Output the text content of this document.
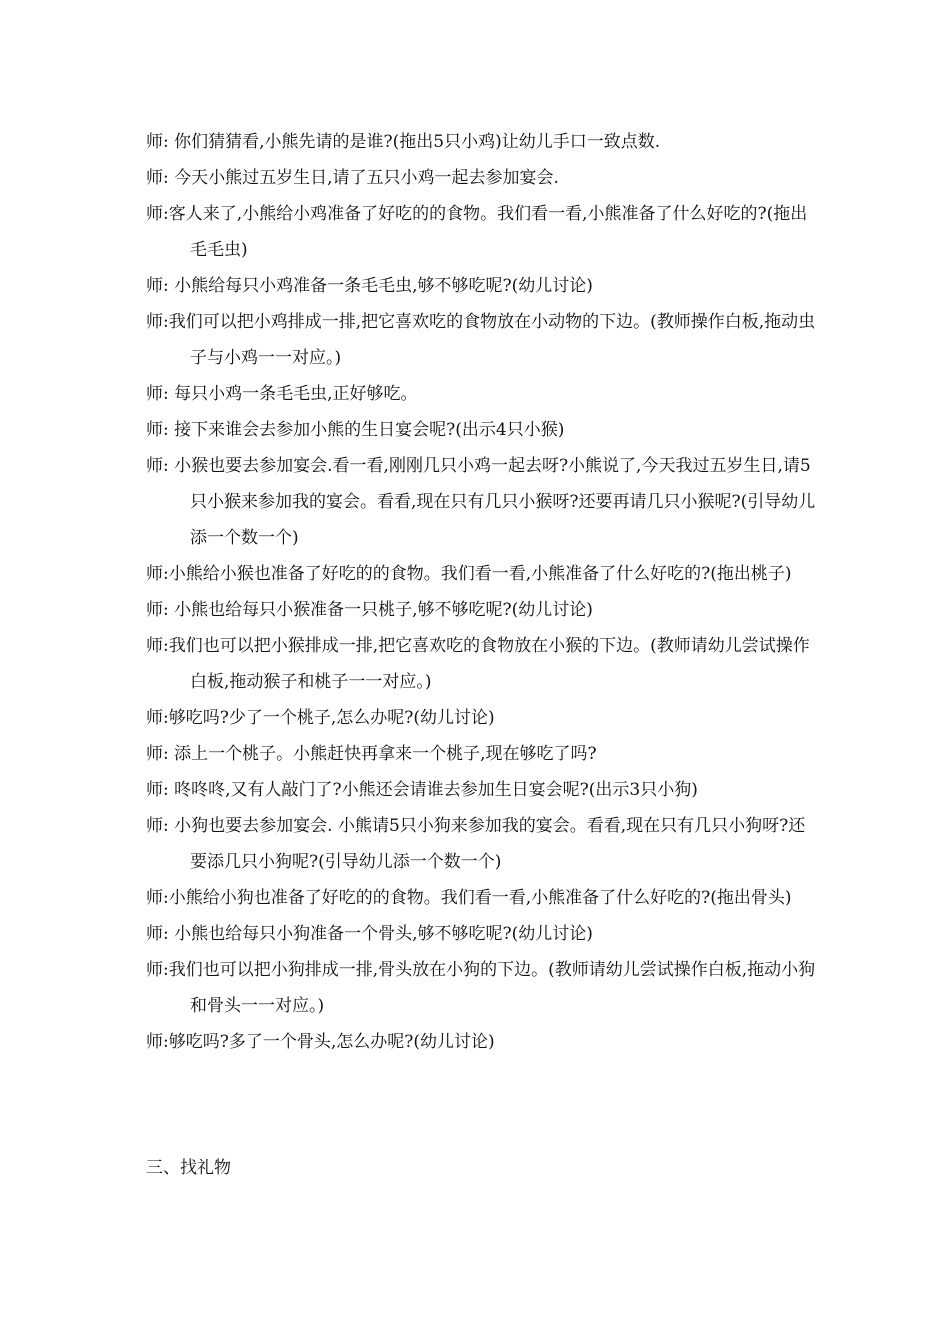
师: 你们猜猜看,小熊先请的是谁?(拖出5只小鸡)让幼儿手口一致点数.

师: 今天小熊过五岁生日,请了五只小鸡一起去参加宴会.

师:客人来了,小熊给小鸡准备了好吃的的食物。我们看一看,小熊准备了什么好吃的?(拖出毛毛虫)

师: 小熊给每只小鸡准备一条毛毛虫,够不够吃呢?(幼儿讨论)

师:我们可以把小鸡排成一排,把它喜欢吃的食物放在小动物的下边。(教师操作白板,拖动虫子与小鸡一一对应。)

师: 每只小鸡一条毛毛虫,正好够吃。

师: 接下来谁会去参加小熊的生日宴会呢?(出示4只小猴)

师: 小猴也要去参加宴会.看一看,刚刚几只小鸡一起去呀?小熊说了,今天我过五岁生日,请5只小猴来参加我的宴会。看看,现在只有几只小猴呀?还要再请几只小猴呢?(引导幼儿添一个数一个)

师:小熊给小猴也准备了好吃的的食物。我们看一看,小熊准备了什么好吃的?(拖出桃子)

师: 小熊也给每只小猴准备一只桃子,够不够吃呢?(幼儿讨论)

师:我们也可以把小猴排成一排,把它喜欢吃的食物放在小猴的下边。(教师请幼儿尝试操作白板,拖动猴子和桃子一一对应。)

师:够吃吗?少了一个桃子,怎么办呢?(幼儿讨论)

师: 添上一个桃子。小熊赶快再拿来一个桃子,现在够吃了吗?

师: 咚咚咚,又有人敲门了?小熊还会请谁去参加生日宴会呢?(出示3只小狗)

师: 小狗也要去参加宴会. 小熊请5只小狗来参加我的宴会。看看,现在只有几只小狗呀?还要添几只小狗呢?(引导幼儿添一个数一个)

师:小熊给小狗也准备了好吃的的食物。我们看一看,小熊准备了什么好吃的?(拖出骨头)

师: 小熊也给每只小狗准备一个骨头,够不够吃呢?(幼儿讨论)

师:我们也可以把小狗排成一排,骨头放在小狗的下边。(教师请幼儿尝试操作白板,拖动小狗和骨头一一对应。)

师:够吃吗?多了一个骨头,怎么办呢?(幼儿讨论)

三、找礼物
